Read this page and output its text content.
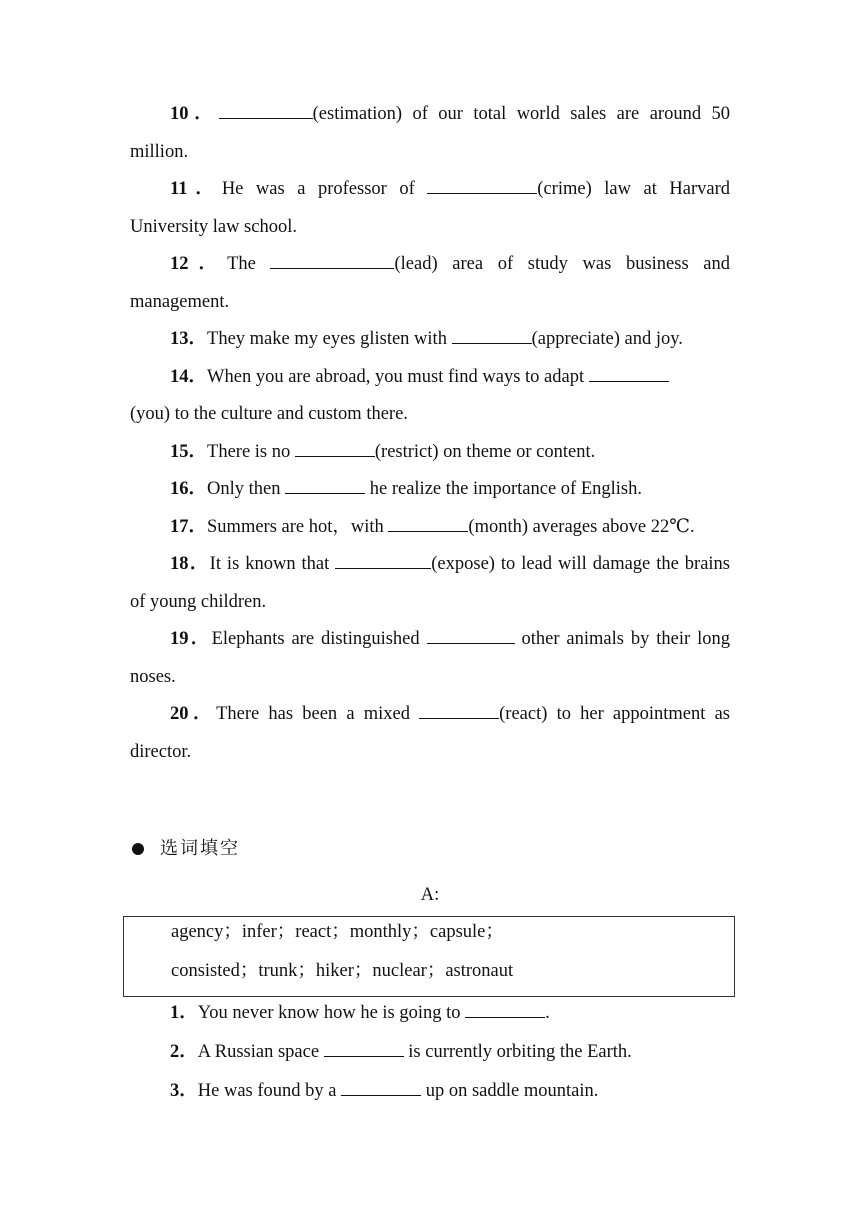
10．	(estimation) of our total world sales are around 50 million.
11．He was a professor of	(crime) law at Harvard University law school.
12．The	(lead) area of study was business and management.
13．They make my eyes glisten with	(appreciate) and joy.
14．When you are abroad, you must find ways to adapt
(you) to the culture and custom there.
15．There is no	(restrict) on theme or content.
16．Only then	he realize the importance of English.
17．Summers are hot，with	(month) averages above 22℃.
18．It is known that	(expose) to lead will damage the brains of young children.
19．Elephants are distinguished	other animals by their long noses.
20．There has been a mixed	(react) to her appointment as director.
选词填空
A:
agency；infer；react；monthly；capsule；
consisted；trunk；hiker；nuclear；astronaut
1．You never know how he is going to	.
2．A Russian space	is currently orbiting the Earth.
3．He was found by a	up on saddle mountain.
